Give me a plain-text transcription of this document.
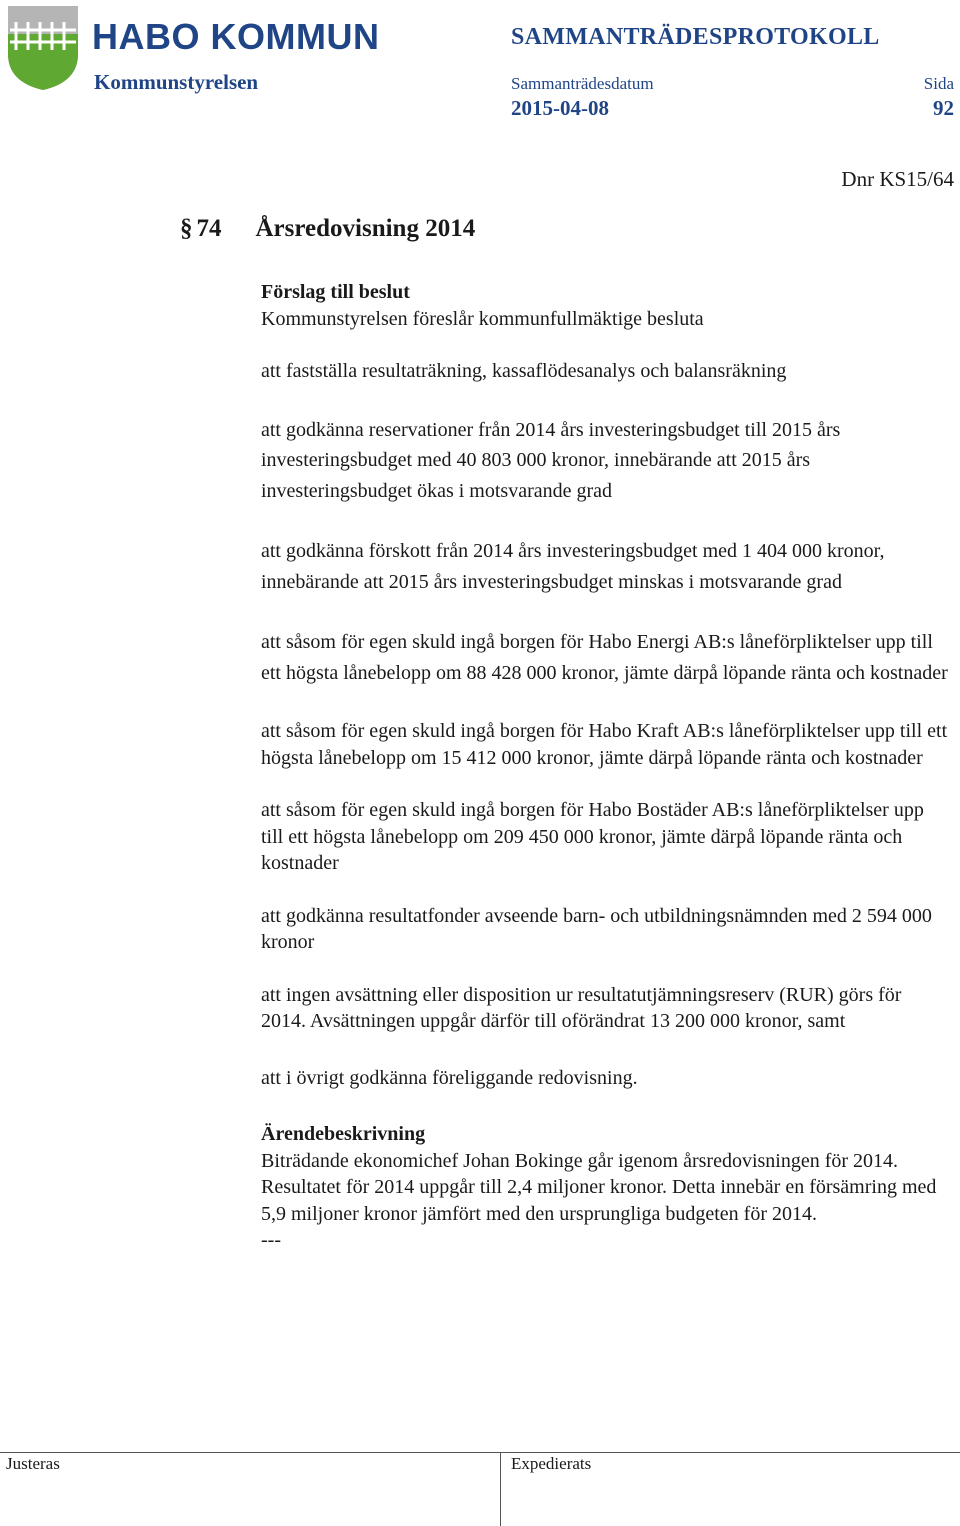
HABO KOMMUN
Kommunstyrelsen
SAMMANTRÄDESPROTOKOLL
Sammanträdesdatum	Sida
2015-04-08	92
Dnr KS15/64
§ 74 Årsredovisning 2014

Förslag till beslut

Kommunstyrelsen föreslår kommunfullmäktige besluta

att fastställa resultaträkning, kassaflödesanalys och balansräkning

att godkänna reservationer från 2014 års investeringsbudget till 2015 års investeringsbudget med 40 803 000 kronor, innebärande att 2015 års investeringsbudget ökas i motsvarande grad

att godkänna förskott från 2014 års investeringsbudget med 1 404 000 kronor, innebärande att 2015 års investeringsbudget minskas i motsvarande grad

att såsom för egen skuld ingå borgen för Habo Energi AB:s låneförpliktelser upp till ett högsta lånebelopp om 88 428 000 kronor, jämte därpå löpande ränta och kostnader

att såsom för egen skuld ingå borgen för Habo Kraft AB:s låneförpliktelser upp till ett högsta lånebelopp om 15 412 000 kronor, jämte därpå löpande ränta och kostnader

att såsom för egen skuld ingå borgen för Habo Bostäder AB:s låneförpliktelser upp till ett högsta lånebelopp om 209 450 000 kronor, jämte därpå löpande ränta och kostnader

att godkänna resultatfonder avseende barn- och utbildningsnämnden med 2 594 000 kronor

att ingen avsättning eller disposition ur resultatutjämningsreserv (RUR) görs för 2014. Avsättningen uppgår därför till oförändrat 13 200 000 kronor, samt

att i övrigt godkänna föreliggande redovisning.

Ärendebeskrivning

Biträdande ekonomichef Johan Bokinge går igenom årsredovisningen för 2014. Resultatet för 2014 uppgår till 2,4 miljoner kronor. Detta innebär en försämring med 5,9 miljoner kronor jämfört med den ursprungliga budgeten för 2014.

---

Justeras	Expedierats
